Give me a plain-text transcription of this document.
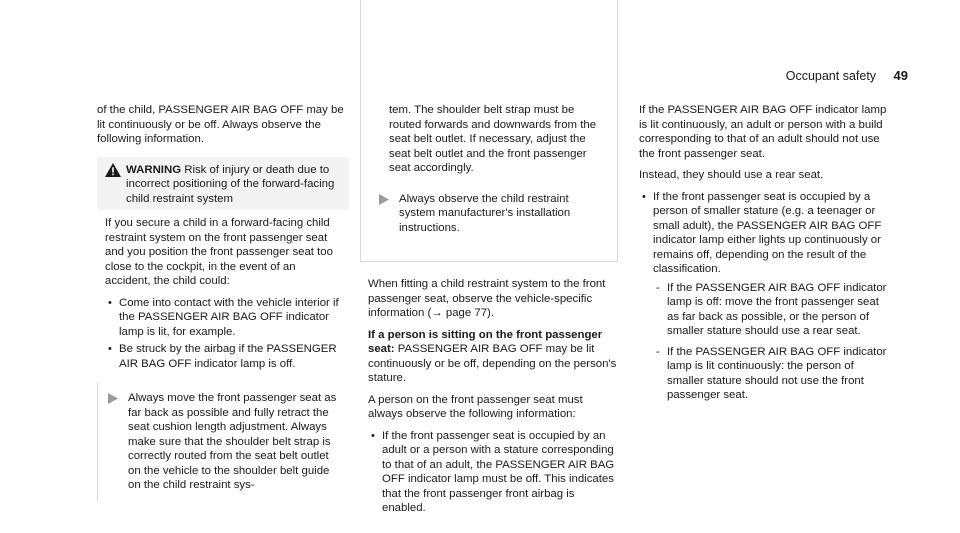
Occupant safety 49

of the child, PASSENGER AIR BAG OFF may be lit continuously or be off. Always observe the following information.

WARNING Risk of injury or death due to incorrect positioning of the forward-facing child restraint system

If you secure a child in a forward-facing child restraint system on the front passenger seat and you position the front passenger seat too close to the cockpit, in the event of an accident, the child could:

• Come into contact with the vehicle interior if the PASSENGER AIR BAG OFF indicator lamp is lit, for example.
• Be struck by the airbag if the PASSENGER AIR BAG OFF indicator lamp is off.
Always move the front passenger seat as far back as possible and fully retract the seat cushion length adjustment. Always make sure that the shoulder belt strap is correctly routed from the seat belt outlet on the vehicle to the shoulder belt guide on the child restraint sys-
tem. The shoulder belt strap must be routed forwards and downwards from the seat belt outlet. If necessary, adjust the seat belt outlet and the front passenger seat accordingly.
Always observe the child restraint system manufacturer's installation instructions.

When fitting a child restraint system to the front passenger seat, observe the vehicle-specific information (→ page 77).

If a person is sitting on the front passenger seat: PASSENGER AIR BAG OFF may be lit continuously or be off, depending on the person's stature.

A person on the front passenger seat must always observe the following information:

• If the front passenger seat is occupied by an adult or a person with a stature corresponding to that of an adult, the PASSENGER AIR BAG OFF indicator lamp must be off. This indicates that the front passenger front airbag is enabled.

If the PASSENGER AIR BAG OFF indicator lamp is lit continuously, an adult or person with a build corresponding to that of an adult should not use the front passenger seat.

Instead, they should use a rear seat.

• If the front passenger seat is occupied by a person of smaller stature (e.g. a teenager or small adult), the PASSENGER AIR BAG OFF indicator lamp either lights up continuously or remains off, depending on the result of the classification.
- If the PASSENGER AIR BAG OFF indicator lamp is off: move the front passenger seat as far back as possible, or the person of smaller stature should use a rear seat.
- If the PASSENGER AIR BAG OFF indicator lamp is lit continuously: the person of smaller stature should not use the front passenger seat.
